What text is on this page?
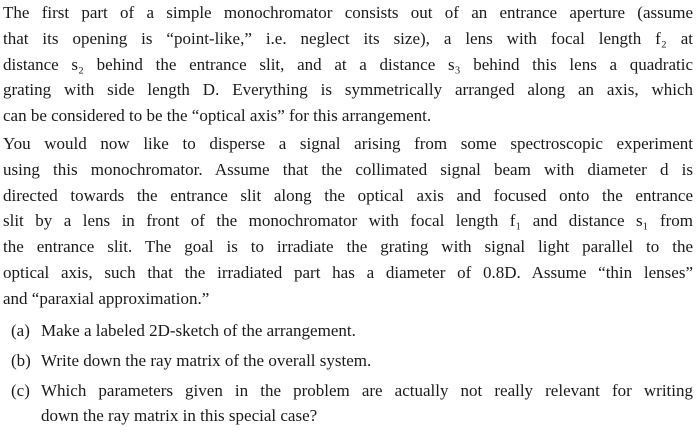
The first part of a simple monochromator consists out of an entrance aperture (assume
that its opening is “point-like,” i.e. neglect its size), a lens with focal length f₂ at
distance s₂ behind the entrance slit, and at a distance s₃ behind this lens a quadratic
grating with side length D. Everything is symmetrically arranged along an axis, which
can be considered to be the “optical axis” for this arrangement.
You would now like to disperse a signal arising from some spectroscopic experiment
using this monochromator. Assume that the collimated signal beam with diameter d is
directed towards the entrance slit along the optical axis and focused onto the entrance
slit by a lens in front of the monochromator with focal length f₁ and distance s₁ from
the entrance slit. The goal is to irradiate the grating with signal light parallel to the
optical axis, such that the irradiated part has a diameter of 0.8D. Assume “thin lenses”
and “paraxial approximation.”
(a) Make a labeled 2D-sketch of the arrangement.
(b) Write down the ray matrix of the overall system.
(c) Which parameters given in the problem are actually not really relevant for writing
down the ray matrix in this special case?
